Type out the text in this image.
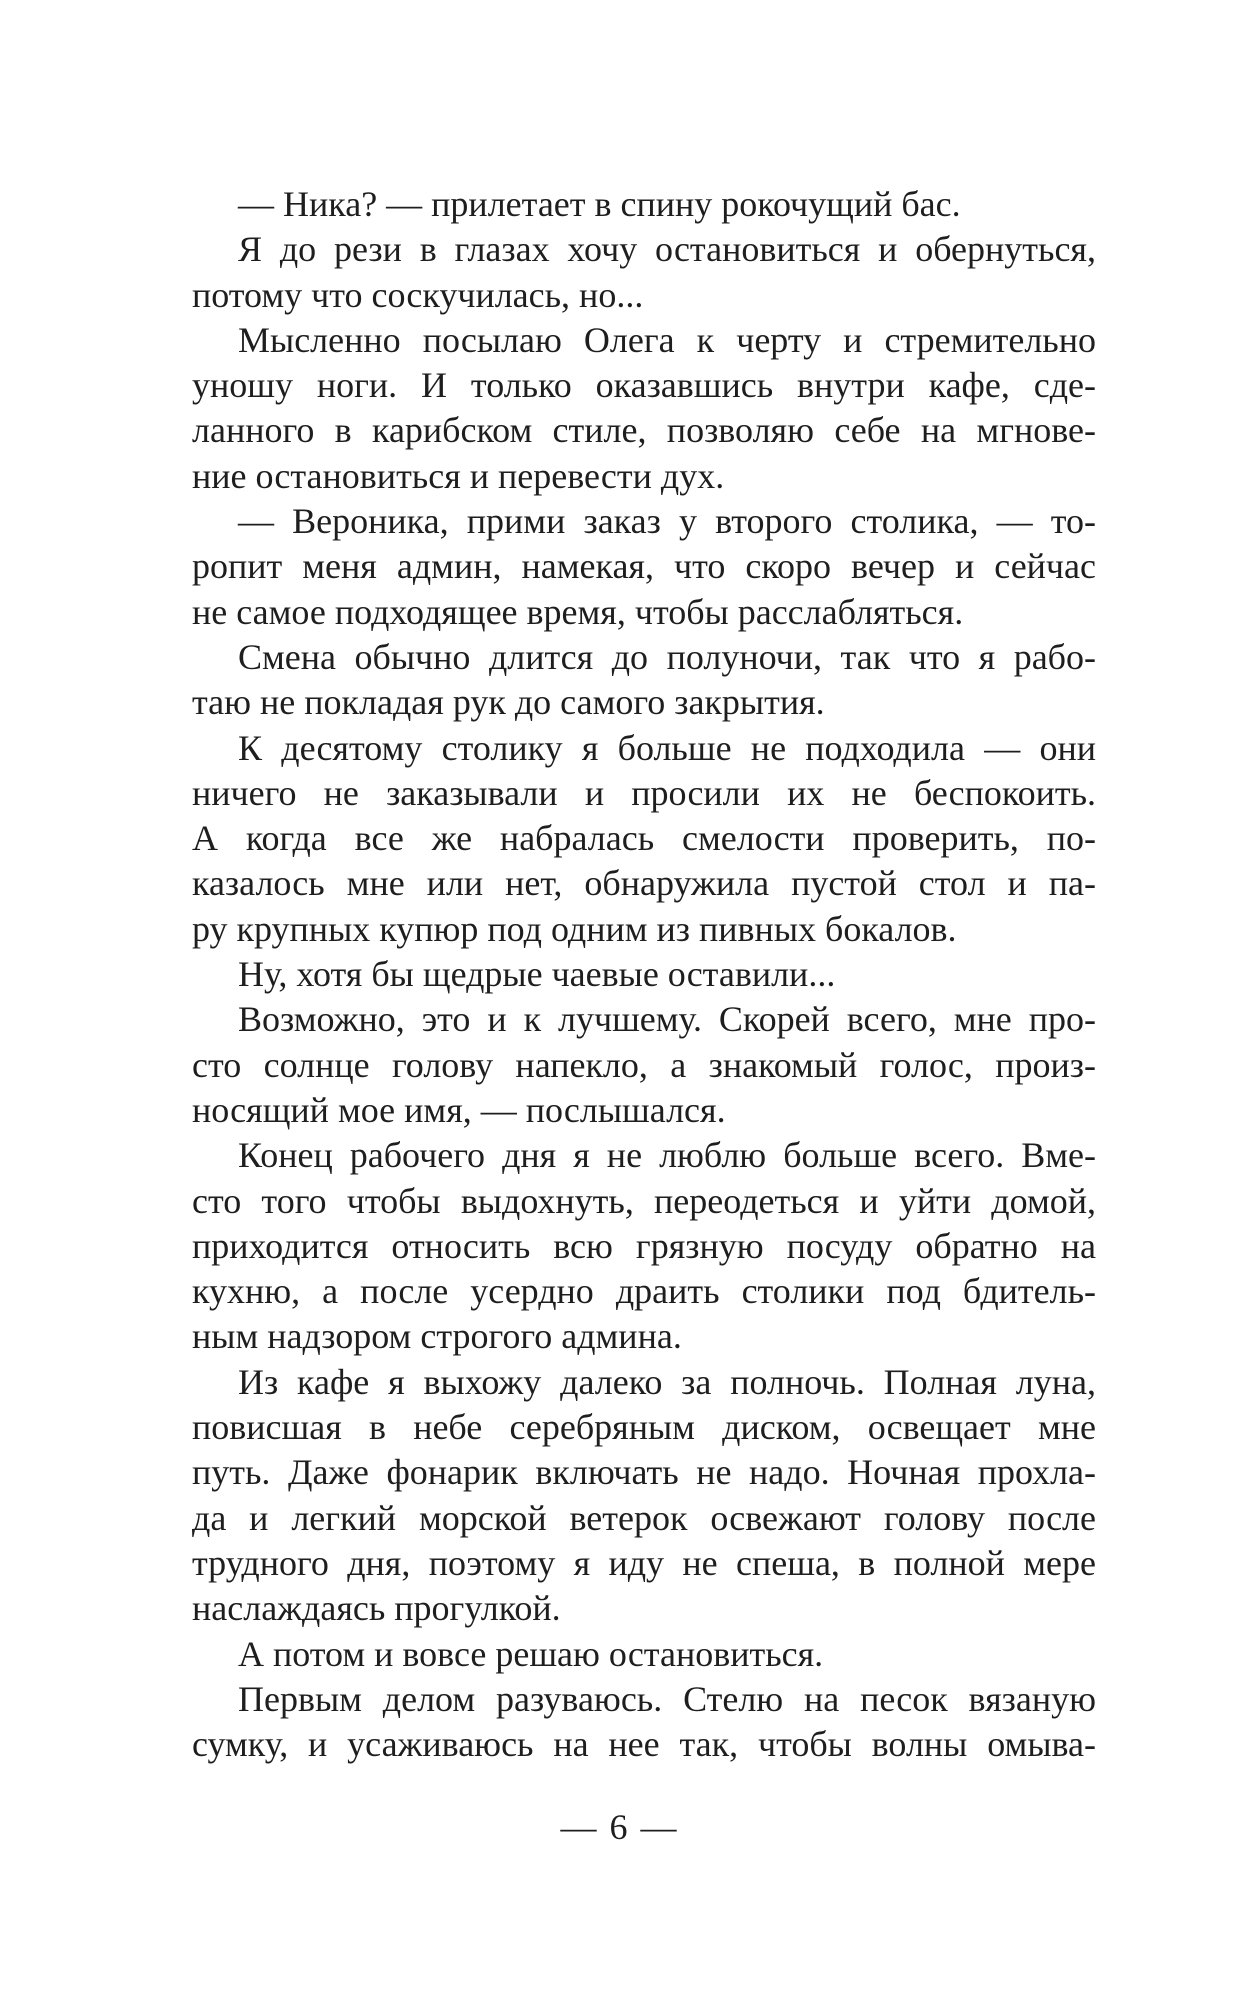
— Ника? — прилетает в спину рокочущий бас.
Я до рези в глазах хочу остановиться и обернуться,
потому что соскучилась, но...
Мысленно посылаю Олега к черту и стремительно
уношу ноги. И только оказавшись внутри кафе, сде-
ланного в карибском стиле, позволяю себе на мгнове-
ние остановиться и перевести дух.
— Вероника, прими заказ у второго столика, — то-
ропит меня админ, намекая, что скоро вечер и сейчас
не самое подходящее время, чтобы расслабляться.
Смена обычно длится до полуночи, так что я рабо-
таю не покладая рук до самого закрытия.
К десятому столику я больше не подходила — они
ничего не заказывали и просили их не беспокоить.
А когда все же набралась смелости проверить, по-
казалось мне или нет, обнаружила пустой стол и па-
ру крупных купюр под одним из пивных бокалов.
Ну, хотя бы щедрые чаевые оставили...
Возможно, это и к лучшему. Скорей всего, мне про-
сто солнце голову напекло, а знакомый голос, произ-
носящий мое имя, — послышался.
Конец рабочего дня я не люблю больше всего. Вме-
сто того чтобы выдохнуть, переодеться и уйти домой,
приходится относить всю грязную посуду обратно на
кухню, а после усердно драить столики под бдитель-
ным надзором строгого админа.
Из кафе я выхожу далеко за полночь. Полная луна,
повисшая в небе серебряным диском, освещает мне
путь. Даже фонарик включать не надо. Ночная прохла-
да и легкий морской ветерок освежают голову после
трудного дня, поэтому я иду не спеша, в полной мере
наслаждаясь прогулкой.
А потом и вовсе решаю остановиться.
Первым делом разуваюсь. Стелю на песок вязаную
сумку, и усаживаюсь на нее так, чтобы волны омыва-
— 6 —
